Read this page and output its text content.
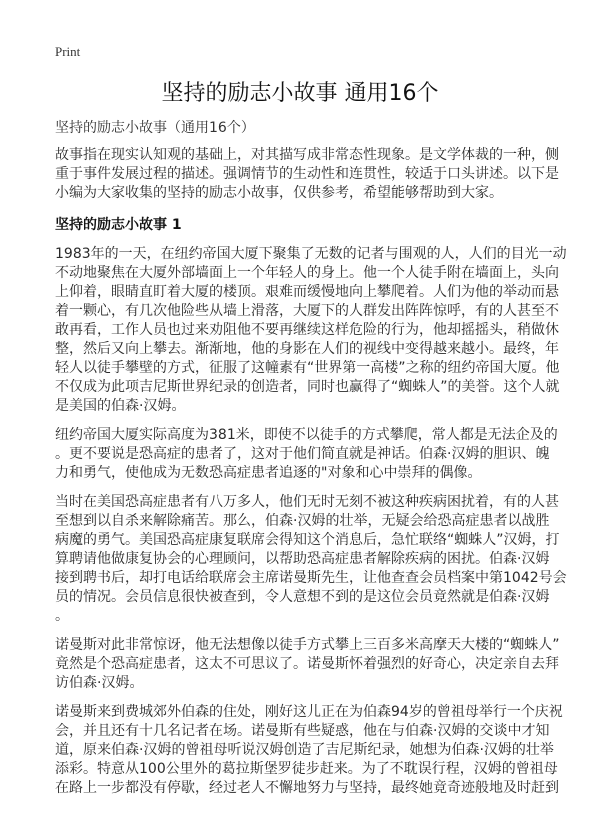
Print
坚持的励志小故事 通用16个
坚持的励志小故事（通用16个）
故事指在现实认知观的基础上，对其描写成非常态性现象。是文学体裁的一种，侧
重于事件发展过程的描述。强调情节的生动性和连贯性，较适于口头讲述。以下是
小编为大家收集的坚持的励志小故事，仅供参考，希望能够帮助到大家。
坚持的励志小故事 1
1983年的一天，在纽约帝国大厦下聚集了无数的记者与围观的人，人们的目光一动
不动地聚焦在大厦外部墙面上一个年轻人的身上。他一个人徒手附在墙面上，头向
上仰着，眼睛直盯着大厦的楼顶。艰难而缓慢地向上攀爬着。人们为他的举动而悬
着一颗心，有几次他险些从墙上滑落，大厦下的人群发出阵阵惊呼，有的人甚至不
敢再看，工作人员也过来劝阻他不要再继续这样危险的行为，他却摇摇头，稍做休
整，然后又向上攀去。渐渐地，他的身影在人们的视线中变得越来越小。最终，年
轻人以徒手攀壁的方式，征服了这幢素有“世界第一高楼”之称的纽约帝国大厦。他
不仅成为此项吉尼斯世界纪录的创造者，同时也赢得了“蜘蛛人”的美誉。这个人就
是美国的伯森·汉姆。
纽约帝国大厦实际高度为381米，即使不以徒手的方式攀爬，常人都是无法企及的
。更不要说是恐高症的患者了，这对于他们简直就是神话。伯森·汉姆的胆识、魄
力和勇气，使他成为无数恐高症患者追逐的"对象和心中崇拜的偶像。
当时在美国恐高症患者有八万多人，他们无时无刻不被这种疾病困扰着，有的人甚
至想到以自杀来解除痛苦。那么，伯森·汉姆的壮举，无疑会给恐高症患者以战胜
病魔的勇气。美国恐高症康复联席会得知这个消息后，急忙联络“蜘蛛人”汉姆，打
算聘请他做康复协会的心理顾问，以帮助恐高症患者解除疾病的困扰。伯森·汉姆
接到聘书后，却打电话给联席会主席诺曼斯先生，让他查查会员档案中第1042号会
员的情况。会员信息很快被查到，令人意想不到的是这位会员竟然就是伯森·汉姆
。
诺曼斯对此非常惊讶，他无法想像以徒手方式攀上三百多米高摩天大楼的“蜘蛛人”
竟然是个恐高症患者，这太不可思议了。诺曼斯怀着强烈的好奇心，决定亲自去拜
访伯森·汉姆。
诺曼斯来到费城郊外伯森的住处，刚好这儿正在为伯森94岁的曾祖母举行一个庆祝
会，并且还有十几名记者在场。诺曼斯有些疑惑，他在与伯森·汉姆的交谈中才知
道，原来伯森·汉姆的曾祖母听说汉姆创造了吉尼斯纪录，她想为伯森·汉姆的壮举
添彩。特意从100公里外的葛拉斯堡罗徒步赶来。为了不耽误行程，汉姆的曾祖母
在路上一步都没有停歇，经过老人不懈地努力与坚持，最终她竟奇迹般地及时赶到
